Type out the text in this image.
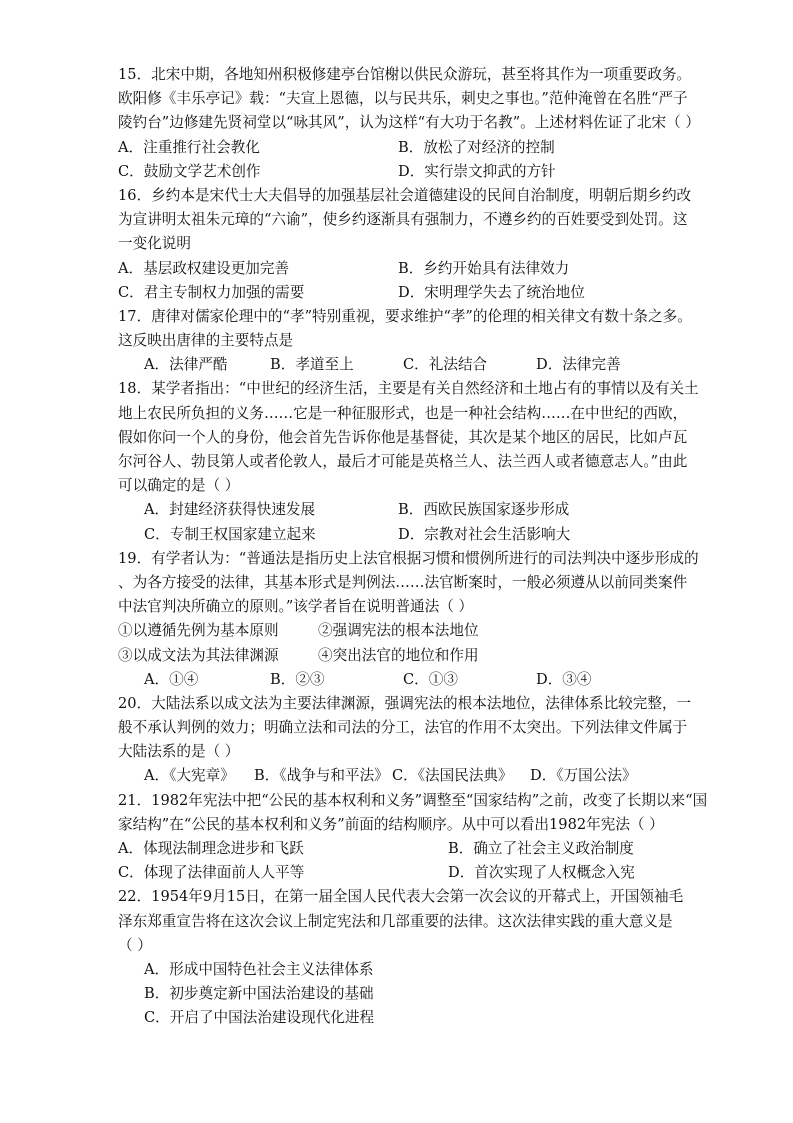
15．北宋中期，各地知州积极修建亭台馆榭以供民众游玩，甚至将其作为一项重要政务。
欧阳修《丰乐亭记》载：“夫宣上恩德，以与民共乐，刺史之事也。”范仲淹曾在名胜“严子
陵钓台”边修建先贤祠堂以“咏其风”，认为这样“有大功于名教”。上述材料佐证了北宋（ ）
A．注重推行社会教化	B．放松了对经济的控制
C．鼓励文学艺术创作	D．实行崇文抑武的方针
16．乡约本是宋代士大夫倡导的加强基层社会道德建设的民间自治制度，明朝后期乡约改
为宣讲明太祖朱元璋的“六谕”，使乡约逐渐具有强制力，不遵乡约的百姓要受到处罚。这
一变化说明
A．基层政权建设更加完善	B．乡约开始具有法律效力
C．君主专制权力加强的需要	D．宋明理学失去了统治地位
17．唐律对儒家伦理中的“孝”特别重视，要求维护“孝”的伦理的相关律文有数十条之多。
这反映出唐律的主要特点是
A．法律严酷	B．孝道至上	C．礼法结合	D．法律完善
18．某学者指出：“中世纪的经济生活，主要是有关自然经济和土地占有的事情以及有关土
地上农民所负担的义务……它是一种征服形式，也是一种社会结构……在中世纪的西欧，
假如你问一个人的身份，他会首先告诉你他是基督徒，其次是某个地区的居民，比如卢瓦
尔河谷人、勃艮第人或者伦敦人，最后才可能是英格兰人、法兰西人或者德意志人。”由此
可以确定的是（ ）
A．封建经济获得快速发展	B．西欧民族国家逐步形成
C．专制王权国家建立起来	D．宗教对社会生活影响大
19．有学者认为：“普通法是指历史上法官根据习惯和惯例所进行的司法判决中逐步形成的
、为各方接受的法律，其基本形式是判例法……法官断案时，一般必须遵从以前同类案件
中法官判决所确立的原则。”该学者旨在说明普通法（ ）
①以遵循先例为基本原则	②强调宪法的根本法地位
③以成文法为其法律渊源	④突出法官的地位和作用
A．①④	B．②③	C．①③	D．③④
20．大陆法系以成文法为主要法律渊源，强调宪法的根本法地位，法律体系比较完整，一
般不承认判例的效力；明确立法和司法的分工，法官的作用不太突出。下列法律文件属于
大陆法系的是（ ）
A．《大宪章》 B．《战争与和平法》 C．《法国民法典》 D．《万国公法》
21．1982年宪法中把“公民的基本权利和义务”调整至“国家结构”之前，改变了长期以来“国
家结构”在“公民的基本权利和义务”前面的结构顺序。从中可以看出1982年宪法（ ）
A．体现法制理念进步和飞跃	B．确立了社会主义政治制度
C．体现了法律面前人人平等	D．首次实现了人权概念入宪
22．1954年9月15日，在第一届全国人民代表大会第一次会议的开幕式上，开国领袖毛
泽东郑重宣告将在这次会议上制定宪法和几部重要的法律。这次法律实践的重大意义是
（ ）
A．形成中国特色社会主义法律体系
B．初步奠定新中国法治建设的基础
C．开启了中国法治建设现代化进程
